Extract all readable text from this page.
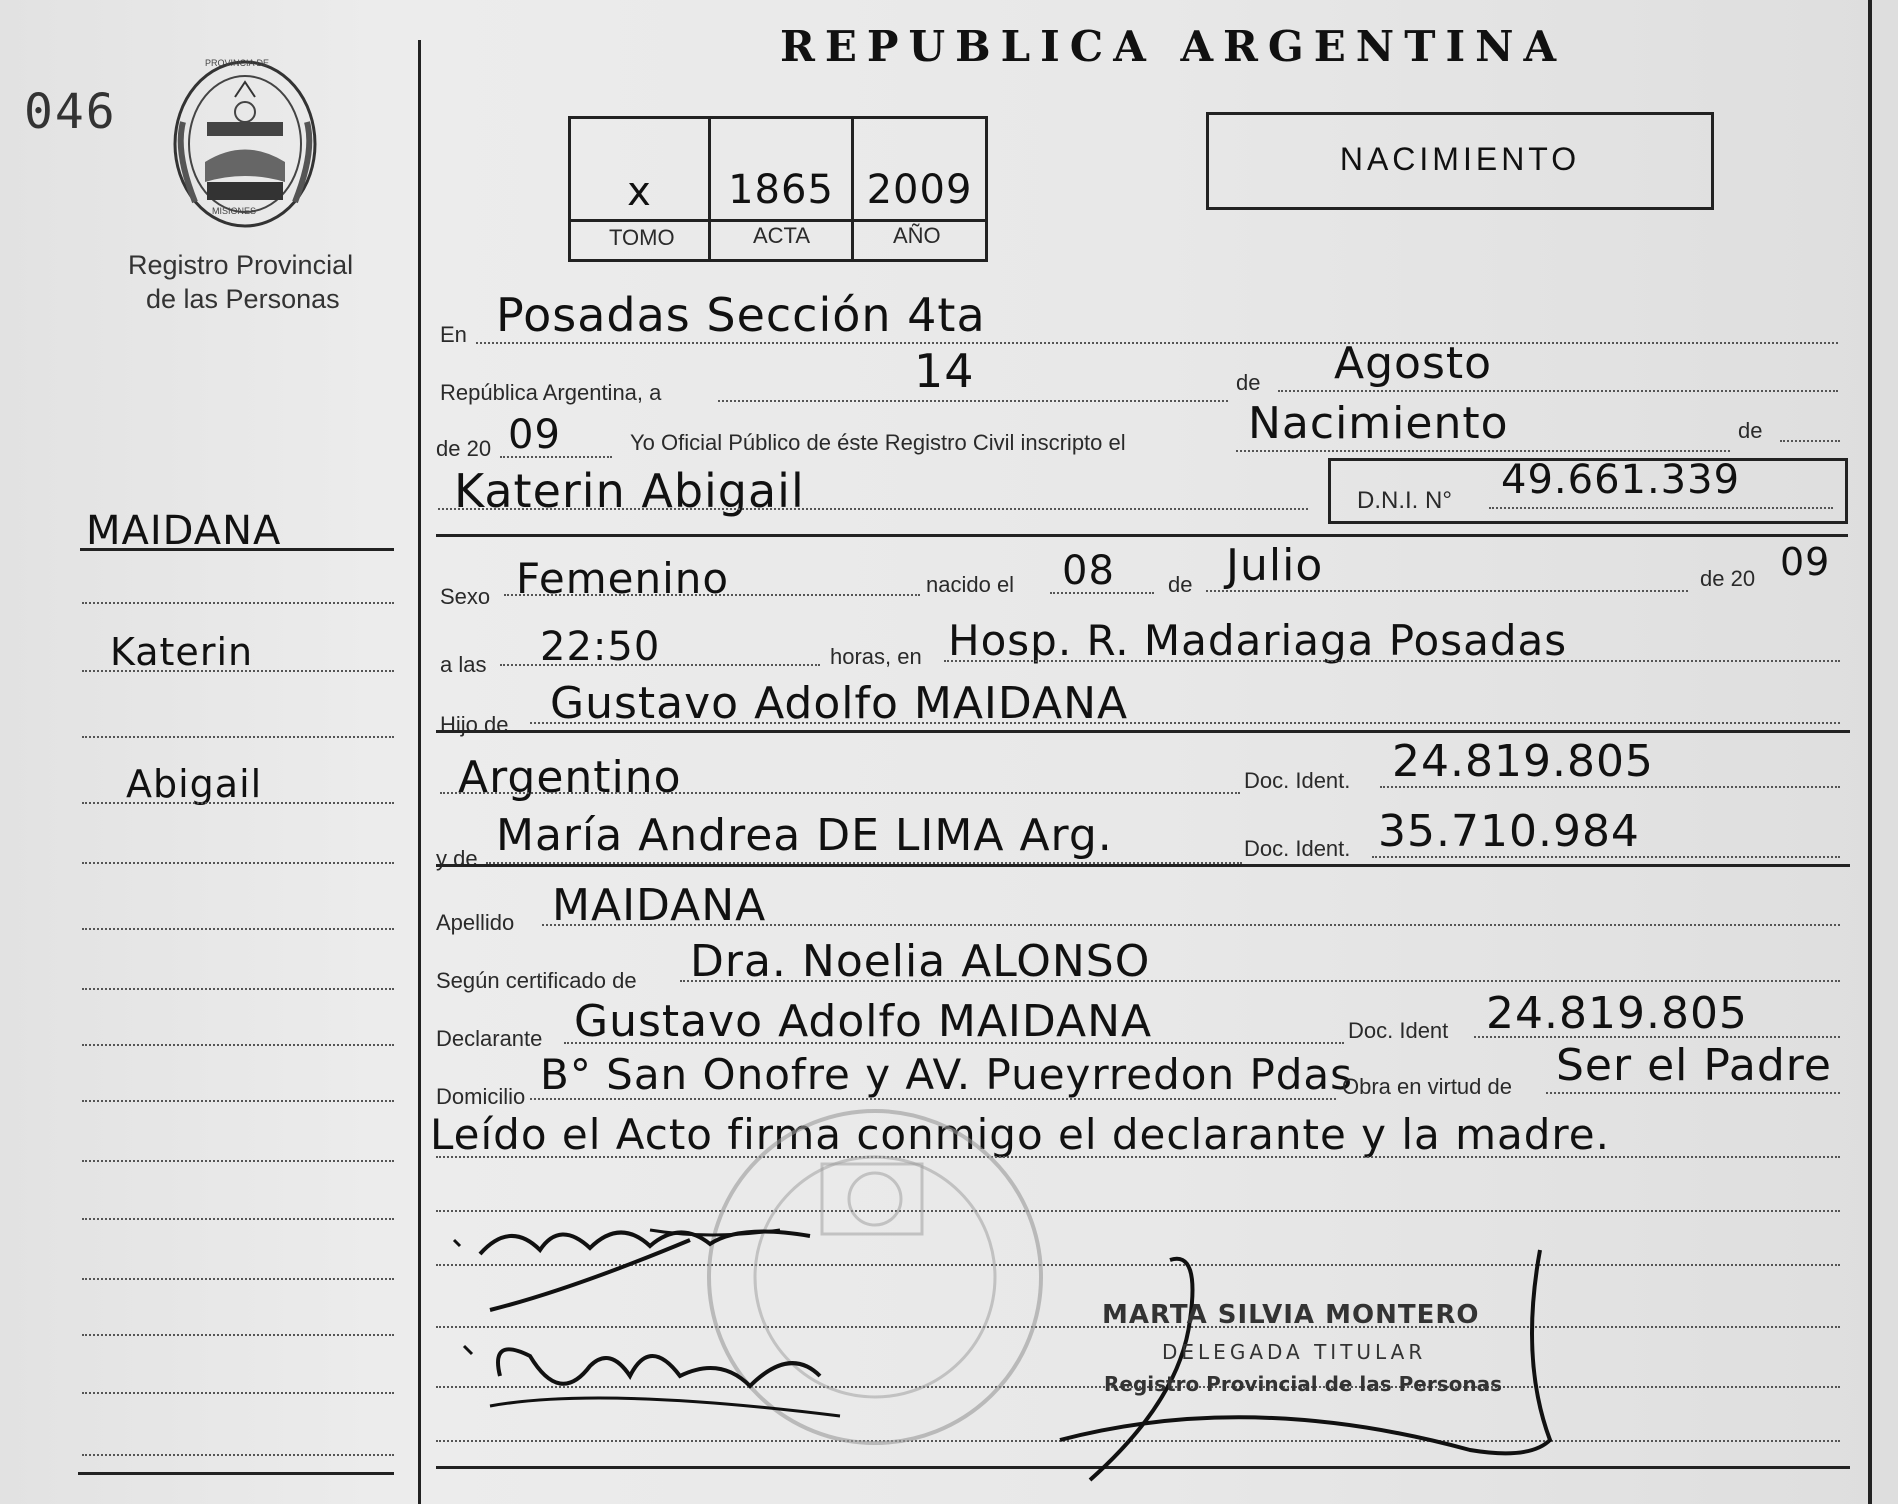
046
PROVINCIA DE
MISIONES
Registro Provincial
de las Personas
MAIDANA
Katerin
Abigail
REPUBLICA ARGENTINA
x	1865 2009
TOMO	ACTA	AÑO
NACIMIENTO
En Posadas Sección 4ta
República Argentina, a	14	de Agosto
de 20 09	Yo Oficial Público de éste Registro Civil inscripto el	Nacimiento	de
Katerin Abigail	D.N.I. N° 49.661.339
Sexo Femenino	nacido el 08 de Julio	de 20 09
a las 22:50	horas, en Hosp. R. Madariaga Posadas
Hijo de Gustavo Adolfo MAIDANA
Argentino	Doc. Ident. 24.819.805
y de María Andrea DE LIMA Arg.	Doc. Ident. 35.710.984
Apellido MAIDANA
Según certificado de Dra. Noelia ALONSO
Declarante Gustavo Adolfo MAIDANA	Doc. Ident 24.819.805
Domicilio B° San Onofre y AV. Pueyrredon Pdas
Obra en virtud de Ser el Padre
Leído el Acto firma conmigo el declarante y la madre.
MARTA SILVIA MONTERO
DELEGADA TITULAR
Registro Provincial de las Personas
